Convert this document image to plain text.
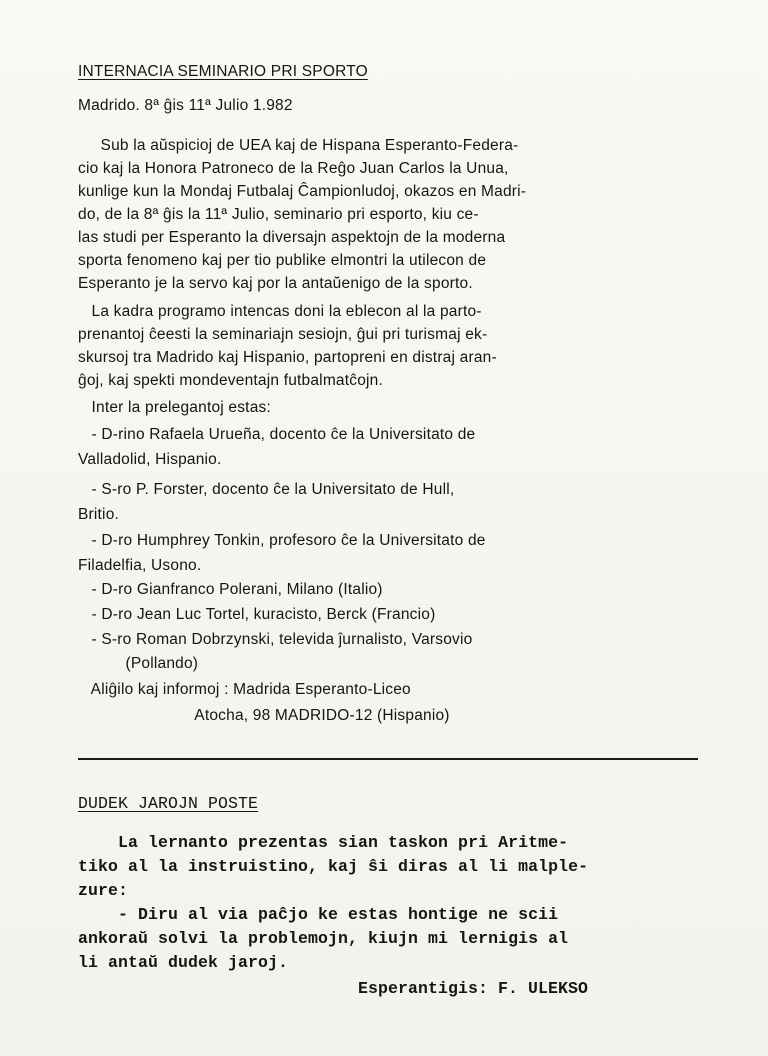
INTERNACIA SEMINARIO PRI SPORTO
Madrido. 8ª ĝis 11ª Julio 1.982
Sub la aŭspicioj de UEA kaj de Hispana Esperanto-Federa-
cio kaj la Honora Patroneco de la Reĝo Juan Carlos la Unua,
kunlige kun la Mondaj Futbalaj Ĉampionludoj, okazos en Madri-
do, de la 8ª ĝis la 11ª Julio, seminario pri esporto, kiu ce-
las studi per Esperanto la diversajn aspektojn de la moderna
sporta fenomeno kaj per tio publike elmontri la utilecon de
Esperanto je la servo kaj por la antaŭenigo de la sporto.
La kadra programo intencas doni la eblecon al la parto-
prenantoj ĉeesti la seminariajn sesiojn, ĝui pri turismaj ek-
skursoj tra Madrido kaj Hispanio, partopreni en distraj aran-
ĝoj, kaj spekti mondeventajn futbalmatĉojn.
Inter la prelegantoj estas:
- D-rino Rafaela Urueña, docento ĉe la Universitato de
Valladolid, Hispanio.
- S-ro P. Forster, docento ĉe la Universitato de Hull,
Britio.
- D-ro Humphrey Tonkin, profesoro ĉe la Universitato de
Filadelfia, Usono.
- D-ro Gianfranco Polerani, Milano (Italio)
- D-ro Jean Luc Tortel, kuracisto, Berck (Francio)
- S-ro Roman Dobrzynski, televida ĵurnalisto, Varsovio
(Pollando)
Aliĝilo kaj informoj : Madrida Esperanto-Liceo
Atocha, 98 MADRIDO-12 (Hispanio)
DUDEK JAROJN POSTE
La lernanto prezentas sian taskon pri Aritme-
tiko al la instruistino, kaj ŝi diras al li malple-
zure:
- Diru al via paĉjo ke estas hontige ne scii
ankoraŭ solvi la problemojn, kiujn mi lernigis al
li antaŭ dudek jaroj.
Esperantigis: F. ULEKSO
